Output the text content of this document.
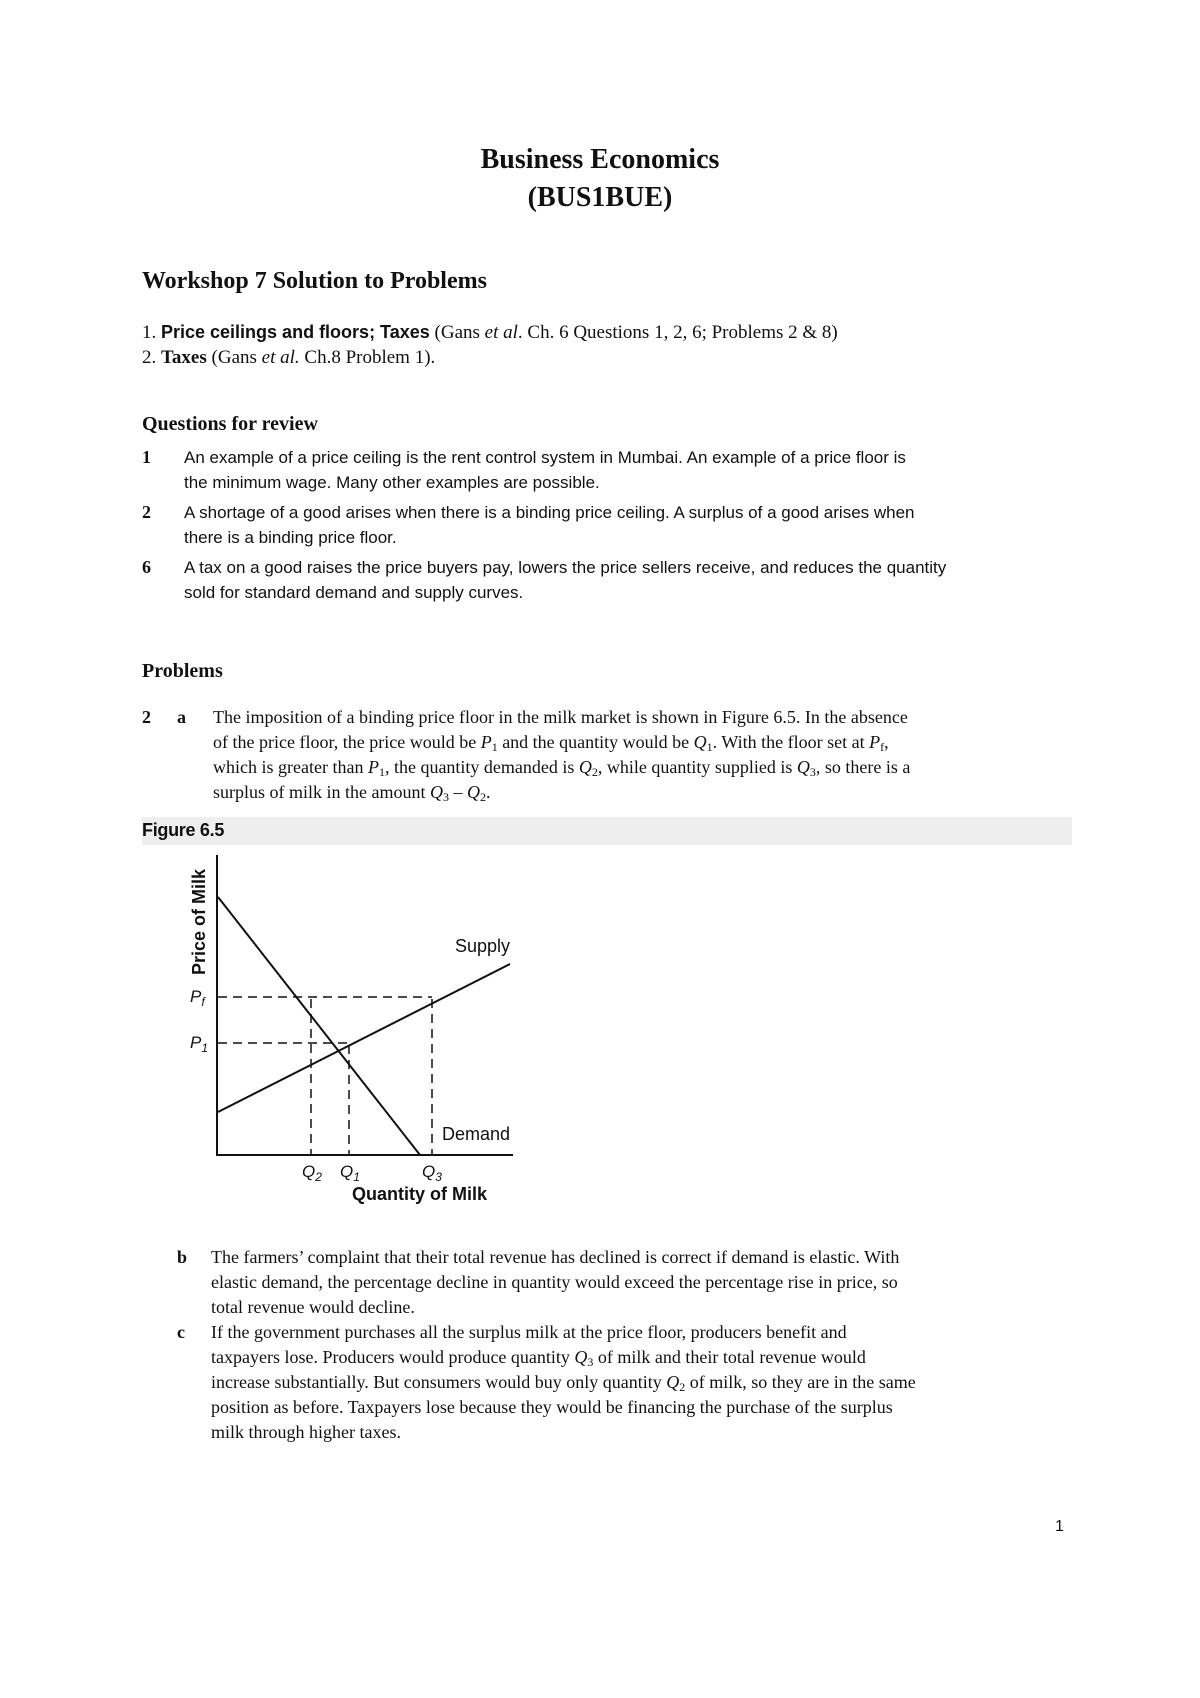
Business Economics
(BUS1BUE)
Workshop 7 Solution to Problems
1. Price ceilings and floors; Taxes (Gans et al. Ch. 6 Questions 1, 2, 6; Problems 2 & 8)
2. Taxes (Gans et al. Ch.8 Problem 1).
Questions for review
1 An example of a price ceiling is the rent control system in Mumbai. An example of a price floor is
the minimum wage. Many other examples are possible.
2 A shortage of a good arises when there is a binding price ceiling. A surplus of a good arises when
there is a binding price floor.
6 A tax on a good raises the price buyers pay, lowers the price sellers receive, and reduces the quantity
sold for standard demand and supply curves.
Problems
2 a The imposition of a binding price floor in the milk market is shown in Figure 6.5. In the absence
of the price floor, the price would be $P_1$ and the quantity would be $Q_1$. With the floor set at $P_f$,
which is greater than $P_1$, the quantity demanded is $Q_2$, while quantity supplied is $Q_3$, so there is a
surplus of milk in the amount $Q_3 - Q_2$.
Figure 6.5
Price of Milk	Supply
Demand
$P_f$
$P_1$
$Q_2$ $Q_1$	$Q_3$
Quantity of Milk
b The farmers’ complaint that their total revenue has declined is correct if demand is elastic. With
elastic demand, the percentage decline in quantity would exceed the percentage rise in price, so
total revenue would decline.
c If the government purchases all the surplus milk at the price floor, producers benefit and
taxpayers lose. Producers would produce quantity $Q_3$ of milk and their total revenue would
increase substantially. But consumers would buy only quantity $Q_2$ of milk, so they are in the same
position as before. Taxpayers lose because they would be financing the purchase of the surplus
milk through higher taxes.
1
